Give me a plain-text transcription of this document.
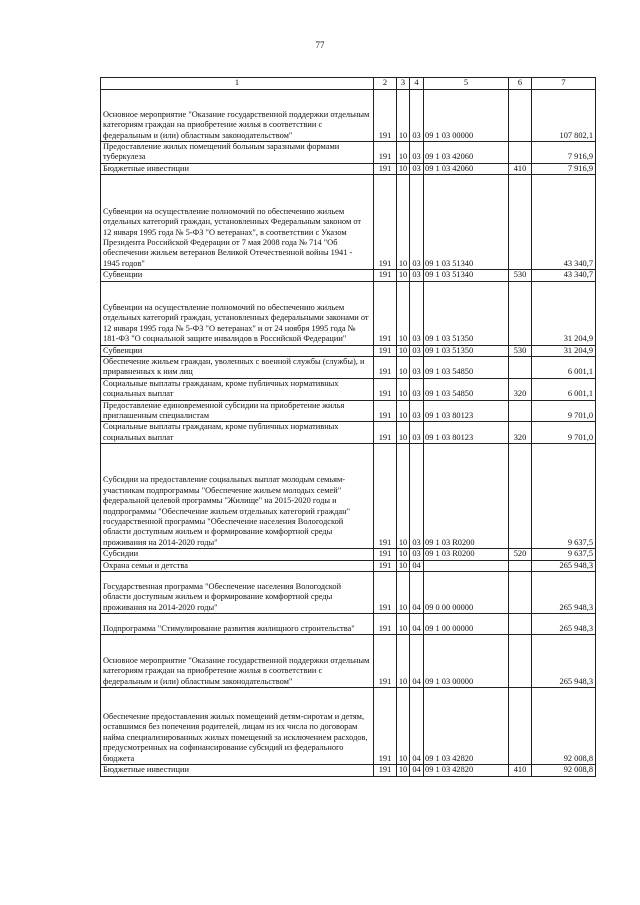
77
1	2	3	4	5	6	7
Основное мероприятие "Оказание государственной поддержки отдельным категориям граждан на приобретение жилья в соответствии с федеральным и (или) областным законодательством"	191	10	03	09 1 03 00000		107 802,1
Предоставление жилых помещений больным заразными формами туберкулеза	191	10	03	09 1 03 42060		7 916,9
Бюджетные инвестиции	191	10	03	09 1 03 42060	410	7 916,9
Субвенции на осуществление полномочий по обеспечению жильем отдельных категорий граждан, установленных Федеральным законом от 12 января 1995 года № 5-ФЗ "О ветеранах", в соответствии с Указом Президента Российской Федерации от 7 мая 2008 года № 714 "Об обеспечении жильем ветеранов Великой Отечественной войны 1941 - 1945 годов"	191	10	03	09 1 03 51340		43 340,7
Субвенции	191	10	03	09 1 03 51340	530	43 340,7
Субвенции на осуществление полномочий по обеспечению жильем отдельных категорий граждан, установленных федеральными законами от 12 января 1995 года № 5-ФЗ "О ветеранах" и от 24 ноября 1995 года № 181-ФЗ "О социальной защите инвалидов в Российской Федерации"	191	10	03	09 1 03 51350		31 204,9
Субвенции	191	10	03	09 1 03 51350	530	31 204,9
Обеспечение жильем граждан, уволенных с военной службы (службы), и приравненных к ним лиц	191	10	03	09 1 03 54850		6 001,1
Социальные выплаты гражданам, кроме публичных нормативных социальных выплат	191	10	03	09 1 03 54850	320	6 001,1
Предоставление единовременной субсидии на приобретение жилья приглашенным специалистам	191	10	03	09 1 03 80123		9 701,0
Социальные выплаты гражданам, кроме публичных нормативных социальных выплат	191	10	03	09 1 03 80123	320	9 701,0
Субсидии на предоставление социальных выплат молодым семьям-участникам подпрограммы "Обеспечение жильем молодых семей" федеральной целевой программы "Жилище" на 2015-2020 годы и подпрограммы "Обеспечение жильем отдельных категорий граждан" государственной программы "Обеспечение населения Вологодской области доступным жильем и формирование комфортной среды проживания на 2014-2020 годы"	191	10	03	09 1 03 R0200		9 637,5
Субсидии	191	10	03	09 1 03 R0200	520	9 637,5
Охрана семьи и детства	191	10	04			265 948,3
Государственная программа "Обеспечение населения Вологодской области доступным жильем и формирование комфортной среды проживания на 2014-2020 годы"	191	10	04	09 0 00 00000		265 948,3
Подпрограмма "Стимулирование развития жилищного строительства"	191	10	04	09 1 00 00000		265 948,3
Основное мероприятие "Оказание государственной поддержки отдельным категориям граждан на приобретение жилья в соответствии с федеральным и (или) областным законодательством"	191	10	04	09 1 03 00000		265 948,3
Обеспечение предоставления жилых помещений детям-сиротам и детям, оставшимся без попечения родителей, лицам из их числа по договорам найма специализированных жилых помещений за исключением расходов, предусмотренных на софинансирование субсидий из федерального бюджета	191	10	04	09 1 03 42820		92 008,8
Бюджетные инвестиции	191	10	04	09 1 03 42820	410	92 008,8
